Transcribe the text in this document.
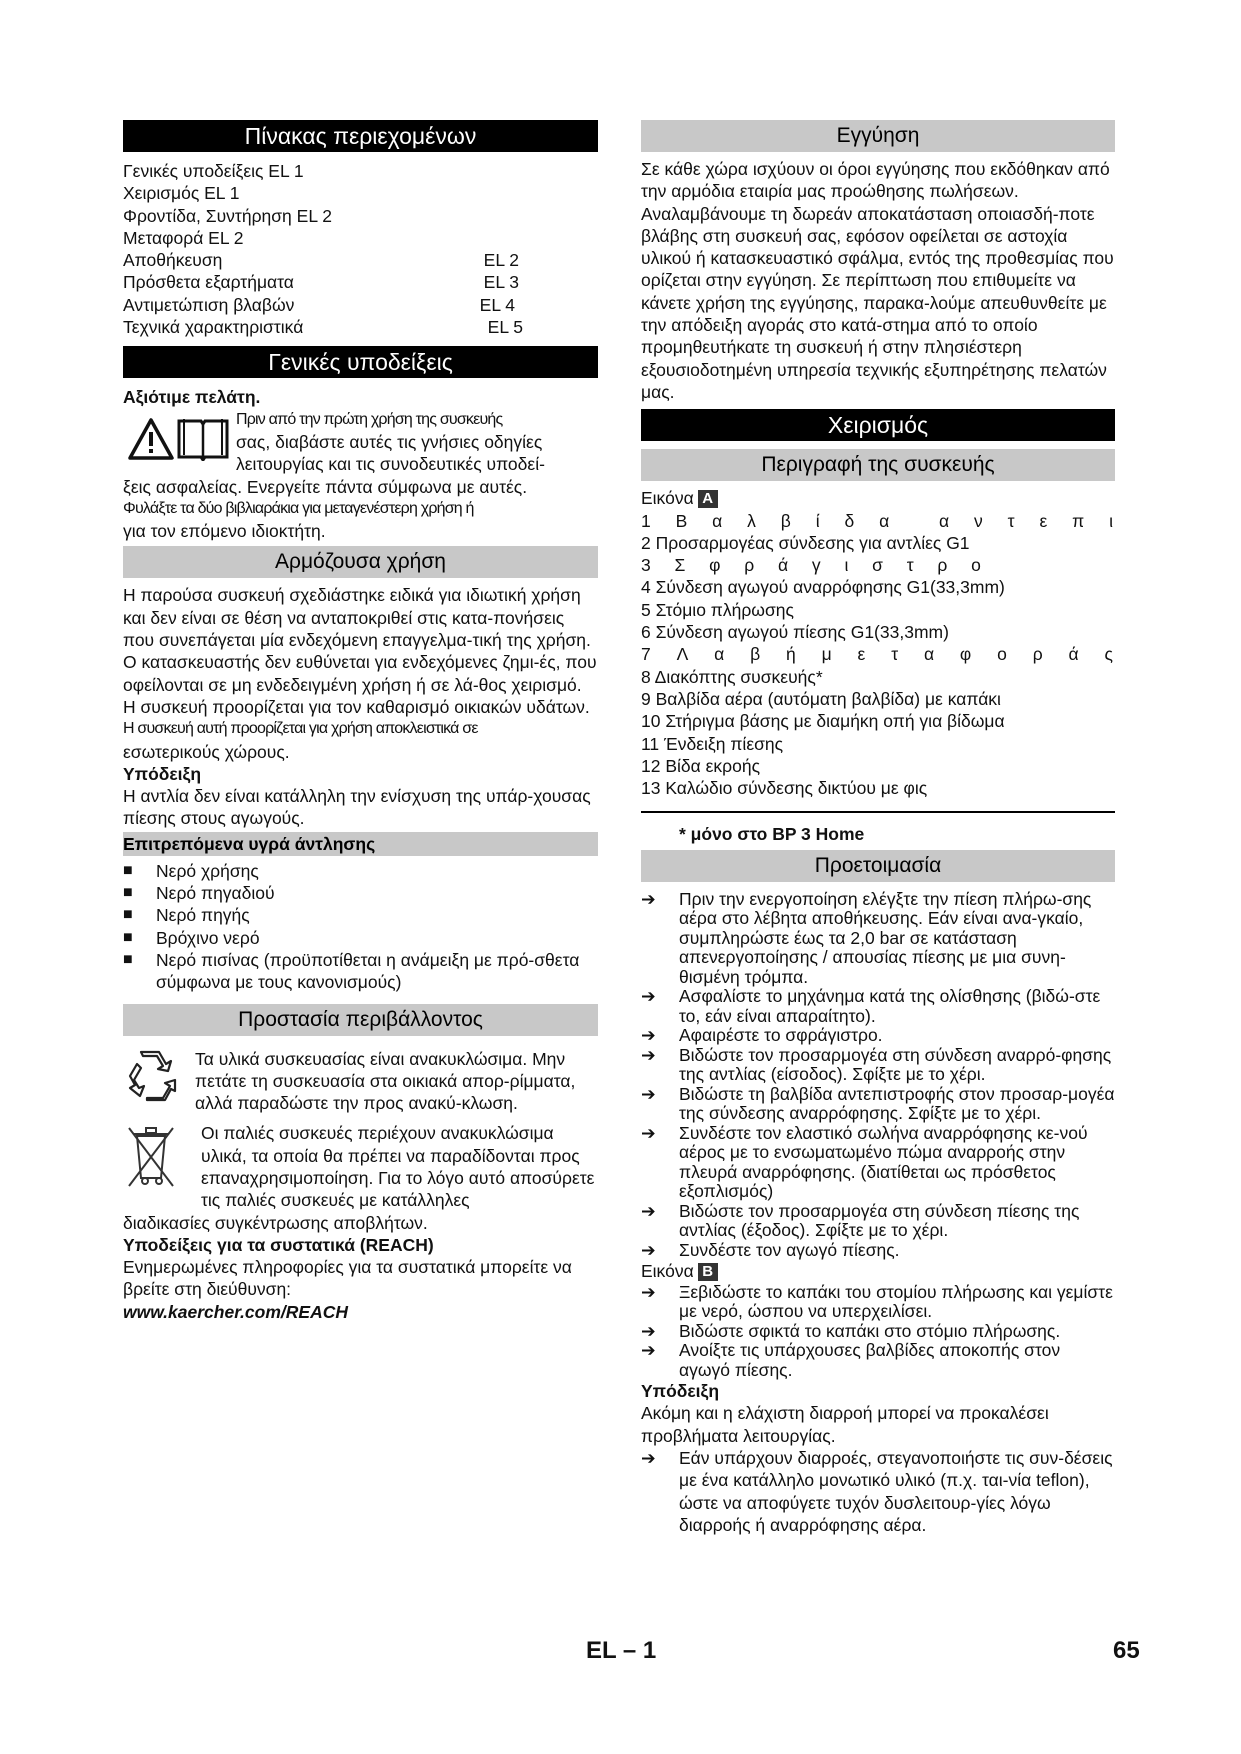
Πίνακας περιεχομένων
Γενικές υποδείξεις EL 1
Χειρισμός EL 1
Φροντίδα, Συντήρηση EL 2
Μεταφορά EL 2
Αποθήκευση	EL 2
Πρόσθετα εξαρτήματα	EL 3
Αντιμετώπιση βλαβών	EL 4
Τεχνικά χαρακτηριστικά	EL 5
Γενικές υποδείξεις

Αξιότιμε πελάτη.

Πριν από την πρώτη χρήση της συσκευής

σας, διαβάστε αυτές τις γνήσιες οδηγίες

λειτουργίας και τις συνοδευτικές υποδεί-

ξεις ασφαλείας. Ενεργείτε πάντα σύμφωνα με αυτές.

Φυλάξτε τα δύο βιβλιαράκια για μεταγενέστερη χρήση ή

για τον επόμενο ιδιοκτήτη.

Αρμόζουσα χρήση

Η παρούσα συσκευή σχεδιάστηκε ειδικά για ιδιωτική χρήση και δεν είναι σε θέση να ανταποκριθεί στις κατα-πονήσεις που συνεπάγεται μία ενδεχόμενη επαγγελμα-τική της χρήση.

Ο κατασκευαστής δεν ευθύνεται για ενδεχόμενες ζημι-ές, που οφείλονται σε μη ενδεδειγμένη χρήση ή σε λά-θος χειρισμό.

Η συσκευή προορίζεται για τον καθαρισμό οικιακών υδάτων.

Η συσκευή αυτή προορίζεται για χρήση αποκλειστικά σε

εσωτερικούς χώρους.

Υπόδειξη

Η αντλία δεν είναι κατάλληλη την ενίσχυση της υπάρ-χουσας πίεσης στους αγωγούς.

Επιτρεπόμενα υγρά άντλησης
■	Νερό χρήσης
■	Νερό πηγαδιού
■	Νερό πηγής
■	Βρόχινο νερό
■	Νερό πισίνας (προϋποτίθεται η ανάμειξη με πρό-σθετα σύμφωνα με τους κανονισμούς)
Προστασία περιβάλλοντος

Τα υλικά συσκευασίας είναι ανακυκλώσιμα. Μην πετάτε τη συσκευασία στα οικιακά απορ-ρίμματα, αλλά παραδώστε την προς ανακύ-κλωση.

Οι παλιές συσκευές περιέχουν ανακυκλώσιμα υλικά, τα οποία θα πρέπει να παραδίδονται προς επαναχρησιμοποίηση. Για το λόγο αυτό αποσύρετε τις παλιές συσκευές με κατάλληλες

διαδικασίες συγκέντρωσης αποβλήτων.

Υποδείξεις για τα συστατικά (REACH)

Ενημερωμένες πληροφορίες για τα συστατικά μπορείτε να βρείτε στη διεύθυνση:

www.kaercher.com/REACH

Εγγύηση

Σε κάθε χώρα ισχύουν οι όροι εγγύησης που εκδόθηκαν από την αρμόδια εταιρία μας προώθησης πωλήσεων. Αναλαμβάνουμε τη δωρεάν αποκατάσταση οποιασδή-ποτε βλάβης στη συσκευή σας, εφόσον οφείλεται σε αστοχία υλικού ή κατασκευαστικό σφάλμα, εντός της προθεσμίας που ορίζεται στην εγγύηση. Σε περίπτωση που επιθυμείτε να κάνετε χρήση της εγγύησης, παρακα-λούμε απευθυνθείτε με την απόδειξη αγοράς στο κατά-στημα από το οποίο προμηθευτήκατε τη συσκευή ή στην πλησιέστερη εξουσιοδοτημένη υπηρεσία τεχνικής εξυπηρέτησης πελατών μας.

Χειρισμός
Περιγραφή της συσκευής

Εικόνα A

1 Β α λ β ί δ α	α ν τ ε π ι

2 Προσαρμογέας σύνδεσης για αντλίες G1

3 Σ φ ρ ά γ ι σ τ ρ ο

4 Σύνδεση αγωγού αναρρόφησης G1(33,3mm)

5 Στόμιο πλήρωσης

6 Σύνδεση αγωγού πίεσης G1(33,3mm)

7 Λ α β ή μ ε τ α φ ο ρ ά ς

8 Διακόπτης συσκευής*

9 Βαλβίδα αέρα (αυτόματη βαλβίδα) με καπάκι

10 Στήριγμα βάσης με διαμήκη οπή για βίδωμα

11 Ένδειξη πίεσης

12 Βίδα εκροής

13 Καλώδιο σύνδεσης δικτύου με φις

* μόνο στο BP 3 Home

Προετοιμασία
➔	Πριν την ενεργοποίηση ελέγξτε την πίεση πλήρω-σης αέρα στο λέβητα αποθήκευσης. Εάν είναι ανα-γκαίο, συμπληρώστε έως τα 2,0 bar σε κατάσταση απενεργοποίησης / απουσίας πίεσης με μια συνη-θισμένη τρόμπα.
➔	Ασφαλίστε το μηχάνημα κατά της ολίσθησης (βιδώ-στε το, εάν είναι απαραίτητο).
➔	Αφαιρέστε το σφράγιστρο.
➔	Βιδώστε τον προσαρμογέα στη σύνδεση αναρρό-φησης της αντλίας (είσοδος). Σφίξτε με το χέρι.
➔	Βιδώστε τη βαλβίδα αντεπιστροφής στον προσαρ-μογέα της σύνδεσης αναρρόφησης. Σφίξτε με το χέρι.
➔	Συνδέστε τον ελαστικό σωλήνα αναρρόφησης κε-νού αέρος με το ενσωματωμένο πώμα αναρροής στην πλευρά αναρρόφησης. (διατίθεται ως πρόσθετος εξοπλισμός)
➔	Βιδώστε τον προσαρμογέα στη σύνδεση πίεσης της αντλίας (έξοδος). Σφίξτε με το χέρι.
➔	Συνδέστε τον αγωγό πίεσης.

Εικόνα B

➔	Ξεβιδώστε το καπάκι του στομίου πλήρωσης και γεμίστε με νερό, ώσπου να υπερχειλίσει.
➔	Βιδώστε σφικτά το καπάκι στο στόμιο πλήρωσης.
➔	Ανοίξτε τις υπάρχουσες βαλβίδες αποκοπής στον αγωγό πίεσης.

Υπόδειξη

Ακόμη και η ελάχιστη διαρροή μπορεί να προκαλέσει προβλήματα λειτουργίας.

➔	Εάν υπάρχουν διαρροές, στεγανοποιήστε τις συν-δέσεις με ένα κατάλληλο μονωτικό υλικό (π.χ. ται-νία teflon), ώστε να αποφύγετε τυχόν δυσλειτουρ-γίες λόγω διαρροής ή αναρρόφησης αέρα.
EL – 1	65
